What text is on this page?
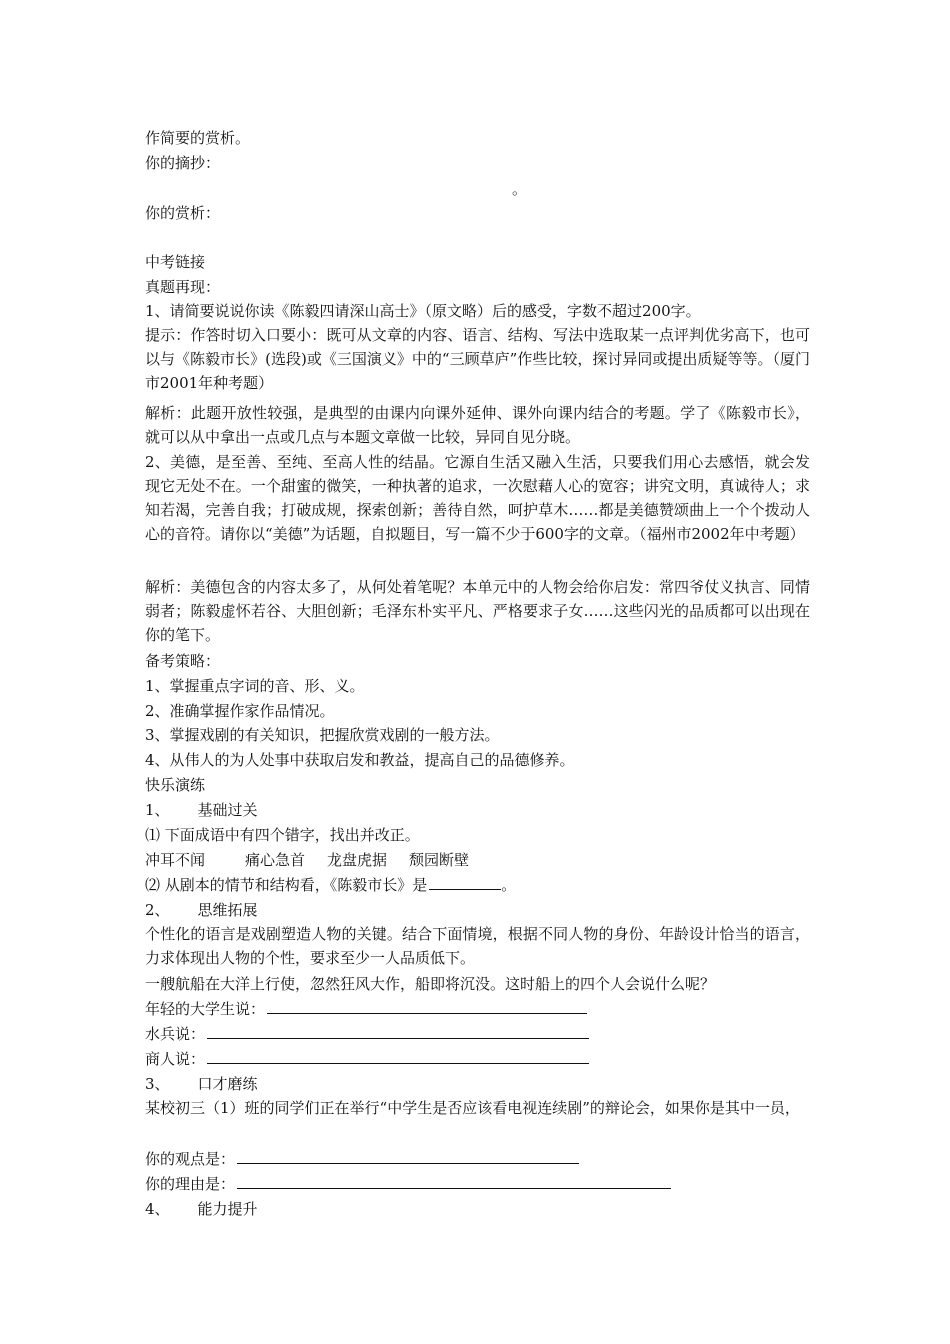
作简要的赏析。
你的摘抄：
。
你的赏析：
中考链接
真题再现：
1、请简要说说你读《陈毅四请深山高士》（原文略）后的感受，字数不超过200字。
提示：作答时切入口要小：既可从文章的内容、语言、结构、写法中选取某一点评判优劣高下，也可以与《陈毅市长》(选段)或《三国演义》中的“三顾草庐”作些比较，探讨异同或提出质疑等等。（厦门市2001年种考题）
解析：此题开放性较强，是典型的由课内向课外延伸、课外向课内结合的考题。学了《陈毅市长》，就可以从中拿出一点或几点与本题文章做一比较，异同自见分晓。
2、美德，是至善、至纯、至高人性的结晶。它源自生活又融入生活，只要我们用心去感悟，就会发现它无处不在。一个甜蜜的微笑，一种执著的追求，一次慰藉人心的宽容；讲究文明，真诚待人；求知若渴，完善自我；打破成规，探索创新；善待自然，呵护草木……都是美德赞颂曲上一个个拨动人心的音符。请你以“美德”为话题，自拟题目，写一篇不少于600字的文章。（福州市2002年中考题）
解析：美德包含的内容太多了，从何处着笔呢？本单元中的人物会给你启发：常四爷仗义执言、同情弱者；陈毅虚怀若谷、大胆创新；毛泽东朴实平凡、严格要求子女……这些闪光的品质都可以出现在你的笔下。
备考策略：
1、掌握重点字词的音、形、义。
2、准确掌握作家作品情况。
3、掌握戏剧的有关知识，把握欣赏戏剧的一般方法。
4、从伟人的为人处事中获取启发和教益，提高自己的品德修养。
快乐演练
1、 基础过关
⑴ 下面成语中有四个错字，找出并改正。
冲耳不闻	痛心急首 龙盘虎据 颓园断壁
⑵ 从剧本的情节和结构看，《陈毅市长》是	。
2、 思维拓展
个性化的语言是戏剧塑造人物的关键。结合下面情境，根据不同人物的身份、年龄设计恰当的语言，力求体现出人物的个性，要求至少一人品质低下。
一艘航船在大洋上行使，忽然狂风大作，船即将沉没。这时船上的四个人会说什么呢？
年轻的大学生说：
水兵说：
商人说：
3、 口才磨练
某校初三（1）班的同学们正在举行“中学生是否应该看电视连续剧”的辩论会，如果你是其中一员，
你的观点是：
你的理由是：
4、 能力提升
